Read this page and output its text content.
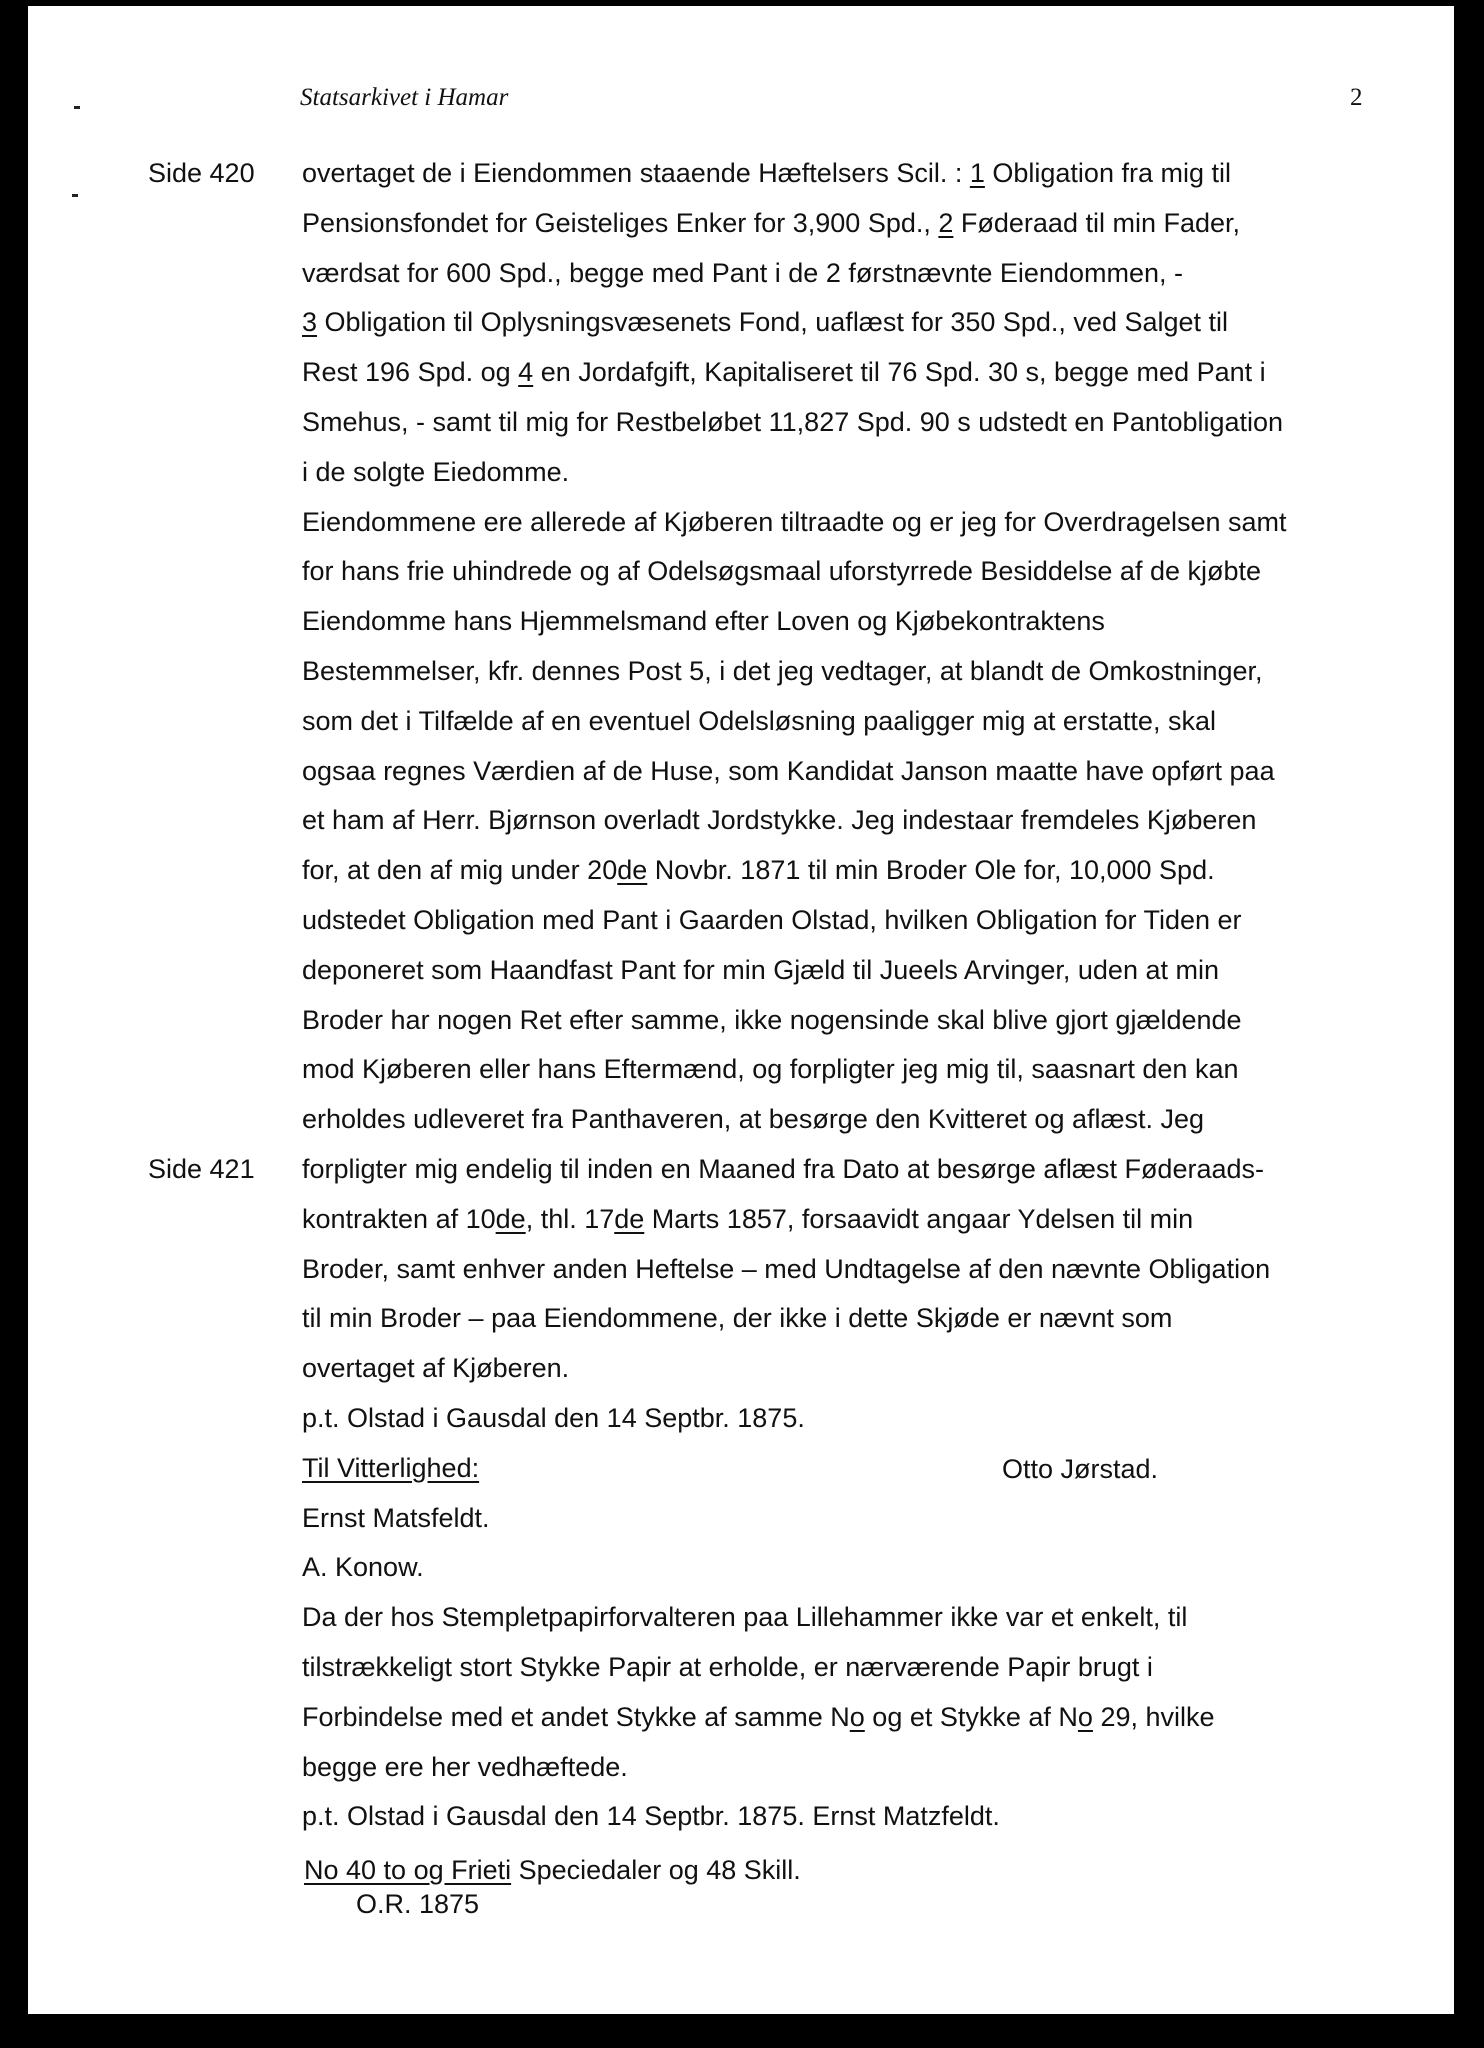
Statsarkivet i Hamar	2
Side 420
Side 421
overtaget de i Eiendommen staaende Hæftelsers Scil. : 1 Obligation fra mig til
Pensionsfondet for Geisteliges Enker for 3,900 Spd., 2 Føderaad til min Fader,
værdsat for 600 Spd., begge med Pant i de 2 førstnævnte Eiendommen, -
3 Obligation til Oplysningsvæsenets Fond, uaflæst for 350 Spd., ved Salget til
Rest 196 Spd. og 4 en Jordafgift, Kapitaliseret til 76 Spd. 30 s, begge med Pant i
Smehus, - samt til mig for Restbeløbet 11,827 Spd. 90 s udstedt en Pantobligation
i de solgte Eiedomme.
Eiendommene ere allerede af Kjøberen tiltraadte og er jeg for Overdragelsen samt
for hans frie uhindrede og af Odelsøgsmaal uforstyrrede Besiddelse af de kjøbte
Eiendomme hans Hjemmelsmand efter Loven og Kjøbekontraktens
Bestemmelser, kfr. dennes Post 5, i det jeg vedtager, at blandt de Omkostninger,
som det i Tilfælde af en eventuel Odelsløsning paaligger mig at erstatte, skal
ogsaa regnes Værdien af de Huse, som Kandidat Janson maatte have opført paa
et ham af Herr. Bjørnson overladt Jordstykke. Jeg indestaar fremdeles Kjøberen
for, at den af mig under 20de Novbr. 1871 til min Broder Ole for, 10,000 Spd.
udstedet Obligation med Pant i Gaarden Olstad, hvilken Obligation for Tiden er
deponeret som Haandfast Pant for min Gjæld til Jueels Arvinger, uden at min
Broder har nogen Ret efter samme, ikke nogensinde skal blive gjort gjældende
mod Kjøberen eller hans Eftermænd, og forpligter jeg mig til, saasnart den kan
erholdes udleveret fra Panthaveren, at besørge den Kvitteret og aflæst. Jeg
forpligter mig endelig til inden en Maaned fra Dato at besørge aflæst Føderaads-
kontrakten af 10de, thl. 17de Marts 1857, forsaavidt angaar Ydelsen til min
Broder, samt enhver anden Heftelse – med Undtagelse af den nævnte Obligation
til min Broder – paa Eiendommene, der ikke i dette Skjøde er nævnt som
overtaget af Kjøberen.
p.t. Olstad i Gausdal den 14 Septbr. 1875.
Til Vitterlighed:
Ernst Matsfeldt.
A. Konow.
Da der hos Stempletpapirforvalteren paa Lillehammer ikke var et enkelt, til
tilstrækkeligt stort Stykke Papir at erholde, er nærværende Papir brugt i
Forbindelse med et andet Stykke af samme No og et Stykke af No 29, hvilke
begge ere her vedhæftede.
p.t. Olstad i Gausdal den 14 Septbr. 1875. Ernst Matzfeldt.
No 40 to og Frieti Speciedaler og 48 Skill.
O.R. 1875
Otto Jørstad.
